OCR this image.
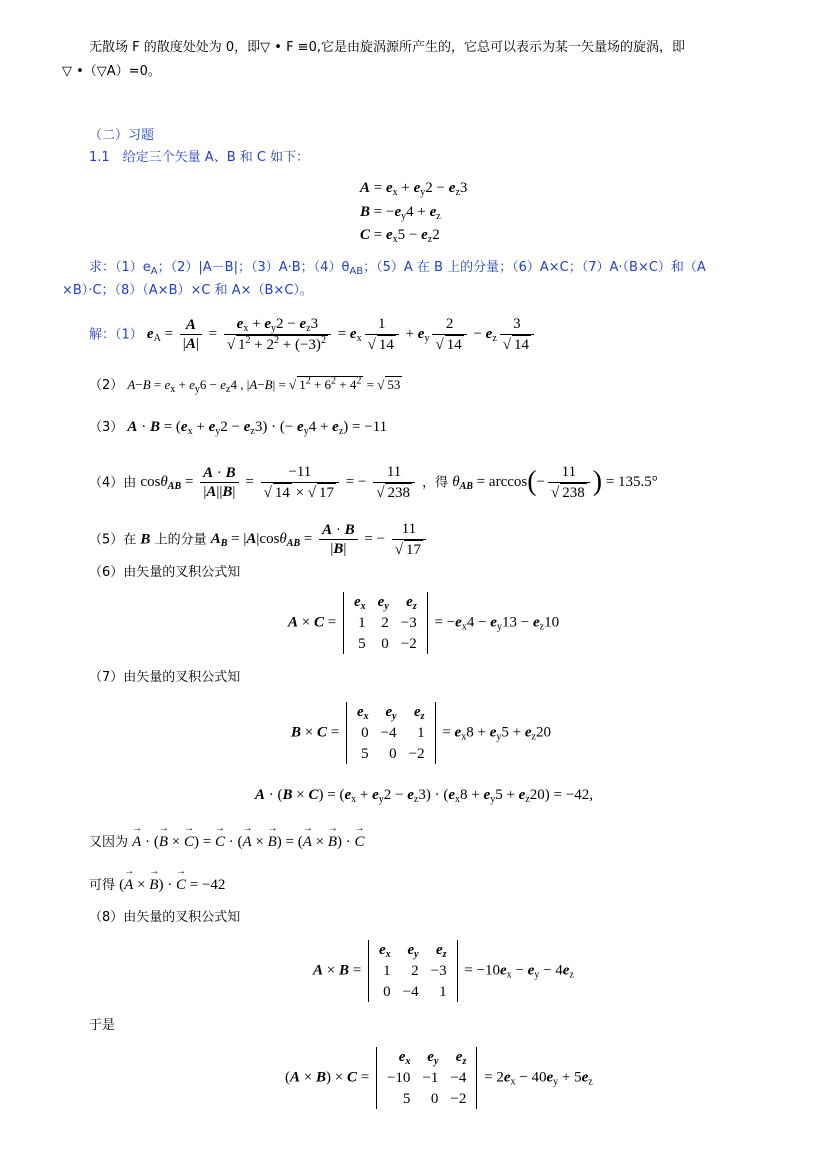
无散场 F 的散度处处为 0，即▽ • F ≡0,它是由旋涡源所产生的，它总可以表示为某一矢量场的旋涡，即
▽ •（▽A）=0。
（二）习题
1.1　给定三个矢量 A、B 和 C 如下：
$A = e_x + e_y2 - e_z3$
$B = -e_y4 + e_z$
$C = e_x5 - e_z2$
求：$(1)e_A$；（2）|A－B|；（3）A·B；$(4)\theta_{AB}$；（5）A 在 B 上的分量；（6）A×C；（7）A·（B×C）和（A
×B）·C；（8）（A×B）×C 和 A×（B×C）。
解：（1） $e_A = \frac{A}{|A|} = \frac{e_x + e_y2 - e_z3}{√ 1^2 + 2^2 + (-3)^2} = e_x \frac{1}{√ 14} + e_y \frac{2}{√ 14} - e_z \frac{3}{√ 14}$
（2） $A-B = e_x + e_y6 - e_z4$ , |A−B| = √ $1^2 + 6^2 + 4^2$ = √ 53
（3） $A \cdot B = (e_x + e_y2 - e_z3)$ · (− $e_y4 + e_z) = -11$
（4）由 $\cos\theta_{AB} = \frac{A \cdot B}{|A||B|} = \frac{-11}{√ 14 \times √ 17}$ = − $\frac{11}{√ 238}$ ，得 $\theta_{AB} = \arccos(- \frac{11}{√ 238}$ ) = 135.5°
（5）在 B 上的分量 $A_B = |A|\cos\theta_{AB} = \frac{A \cdot B}{|B|}$ = − $\frac{11}{√ 17}$
（6）由矢量的叉积公式知
A × C =
$e_x$	$e_y$	$e_z$
1	2	−3
5	0	−2
= $-e_x4 - e_y13 - e_z10$
（7）由矢量的叉积公式知
B × C =
$e_x$	$e_y$	$e_z$
0	−4	1
5	0	−2
= $e_x8 + e_y5 + e_z20$
$A \cdot (B \times C) = (e_x + e_y2 - e_z3) \cdot (e_x8 + e_y5 + e_z20) = -42$,
又因为 → A · (→ B × → C) = → C · (→ A × → B) = (→ A × → B) · → C
可得 (→ A × → B) · → C = −42
（8）由矢量的叉积公式知
A × B =
$e_x$	$e_y$	$e_z$
1	2	−3
0	−4	1
= $-10e_x - e_y - 4e_z$
于是
(A × B) × C =
$e_x$	$e_y$	$e_z$
−10	−1	−4
5	0	−2
= $2e_x - 40e_y + 5e_z$
